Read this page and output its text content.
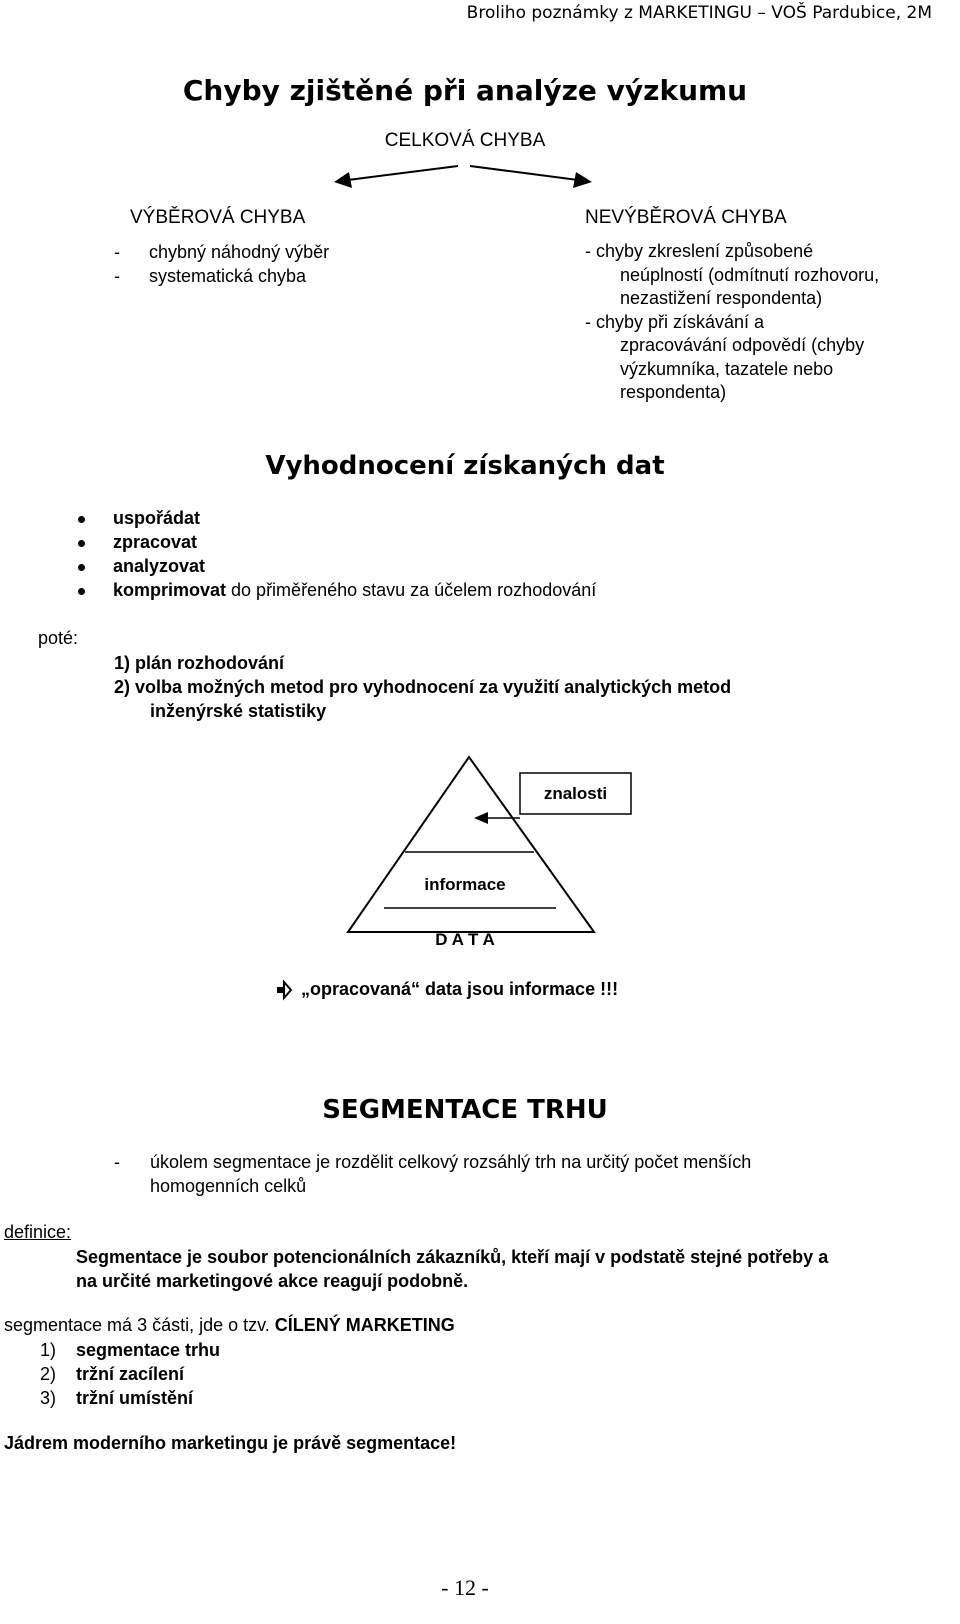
Broliho poznámky z MARKETINGU – VOŠ Pardubice, 2M
Chyby zjištěné při analýze výzkumu
CELKOVÁ CHYBA
VÝBĚROVÁ CHYBA
- chybný náhodný výběr
- systematická chyba
NEVÝBĚROVÁ CHYBA
- chyby zkreslení způsobené
neúplností (odmítnutí rozhovoru,
nezastižení respondenta)
- chyby při získávání a
zpracovávání odpovědí (chyby
výzkumníka, tazatele nebo
respondenta)
Vyhodnocení získaných dat
uspořádat
zpracovat
analyzovat
komprimovat do přiměřeného stavu za účelem rozhodování
poté:
1) plán rozhodování
2) volba možných metod pro vyhodnocení za využití analytických metod
inženýrské statistiky
znalosti
informace
D A T A
„opracovaná“ data jsou informace !!!
SEGMENTACE TRHU
- úkolem segmentace je rozdělit celkový rozsáhlý trh na určitý počet menších
homogenních celků
definice:
Segmentace je soubor potencionálních zákazníků, kteří mají v podstatě stejné potřeby a
na určité marketingové akce reagují podobně.
segmentace má 3 části, jde o tzv. CÍLENÝ MARKETING
1) segmentace trhu
2) tržní zacílení
3) tržní umístění
Jádrem moderního marketingu je právě segmentace!
- 12 -
